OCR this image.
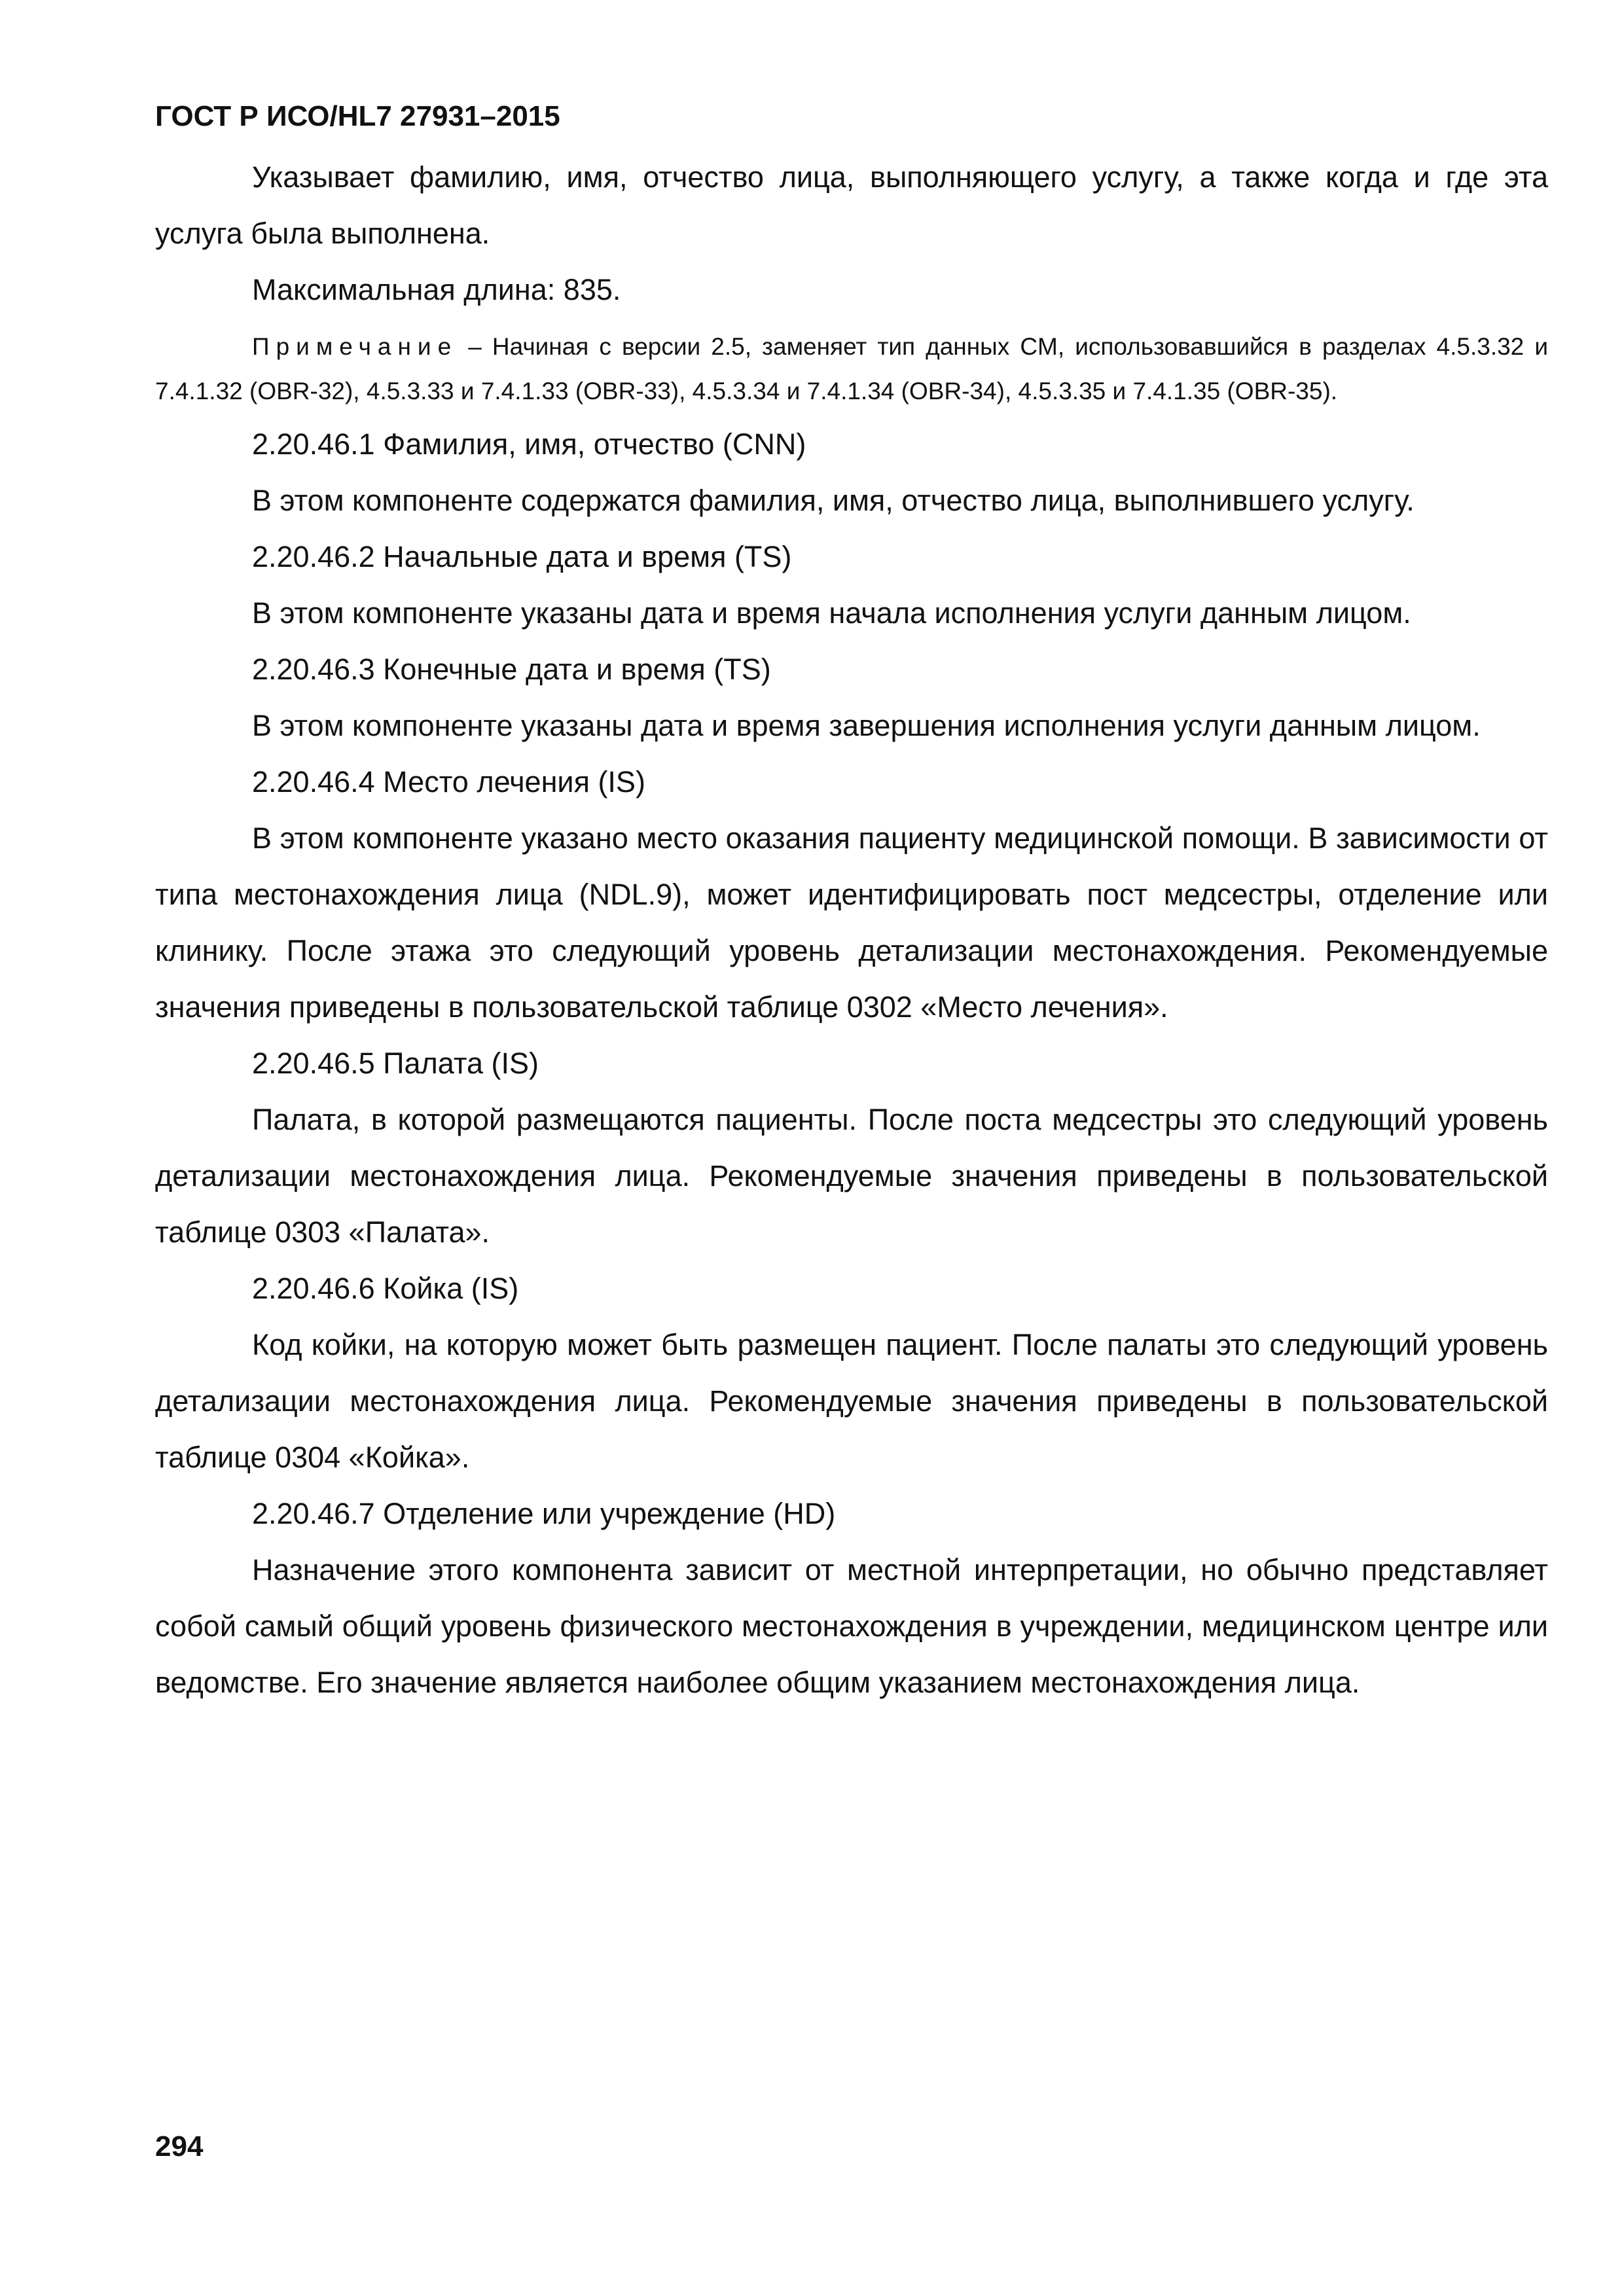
ГОСТ Р ИСО/HL7 27931–2015

Указывает фамилию, имя, отчество лица, выполняющего услугу, а также когда и где эта услуга была выполнена.

Максимальная длина: 835.

Примечание – Начиная с версии 2.5, заменяет тип данных CM, использовавшийся в разделах 4.5.3.32 и 7.4.1.32 (OBR-32), 4.5.3.33 и 7.4.1.33 (OBR-33), 4.5.3.34 и 7.4.1.34 (OBR-34), 4.5.3.35 и 7.4.1.35 (OBR-35).

2.20.46.1 Фамилия, имя, отчество (CNN)

В этом компоненте содержатся фамилия, имя, отчество лица, выполнившего услугу.

2.20.46.2 Начальные дата и время (TS)

В этом компоненте указаны дата и время начала исполнения услуги данным лицом.

2.20.46.3 Конечные дата и время (TS)

В этом компоненте указаны дата и время завершения исполнения услуги данным лицом.

2.20.46.4 Место лечения (IS)

В этом компоненте указано место оказания пациенту медицинской помощи. В зависимости от типа местонахождения лица (NDL.9), может идентифицировать пост медсестры, отделение или клинику. После этажа это следующий уровень детализации местонахождения. Рекомендуемые значения приведены в пользовательской таблице 0302 «Место лечения».

2.20.46.5 Палата (IS)

Палата, в которой размещаются пациенты. После поста медсестры это следующий уровень детализации местонахождения лица. Рекомендуемые значения приведены в пользовательской таблице 0303 «Палата».

2.20.46.6 Койка (IS)

Код койки, на которую может быть размещен пациент. После палаты это следующий уровень детализации местонахождения лица. Рекомендуемые значения приведены в пользовательской таблице 0304 «Койка».

2.20.46.7 Отделение или учреждение (HD)

Назначение этого компонента зависит от местной интерпретации, но обычно представляет собой самый общий уровень физического местонахождения в учреждении, медицинском центре или ведомстве. Его значение является наиболее общим указанием местонахождения лица.

294
